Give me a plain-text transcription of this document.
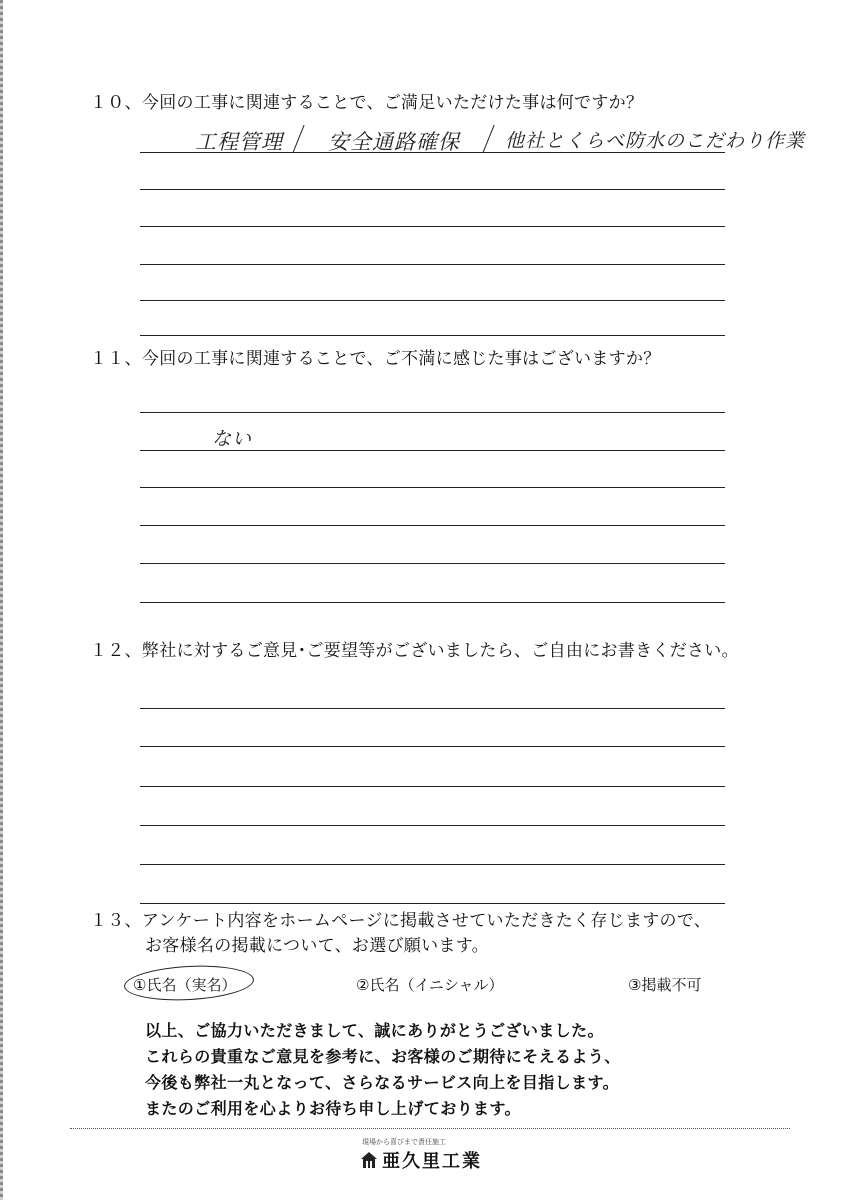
１０、今回の工事に関連することで、ご満足いただけた事は何ですか？
工程管理 安全通路確保 他社とくらべ防水のこだわり作業
１１、今回の工事に関連することで、ご不満に感じた事はございますか？
ない
１２、弊社に対するご意見･ご要望等がございましたら、ご自由にお書きください。
１３、アンケート内容をホームページに掲載させていただきたく存じますので、
お客様名の掲載について、お選び願います。
①氏名（実名）	②氏名（イニシャル）	③掲載不可
以上、ご協力いただきまして、誠にありがとうございました。
これらの貴重なご意見を参考に、お客様のご期待にそえるよう、
今後も弊社一丸となって、さらなるサービス向上を目指します。
またのご利用を心よりお待ち申し上げております。
現場から喜びまで責任施工
亜久里工業
